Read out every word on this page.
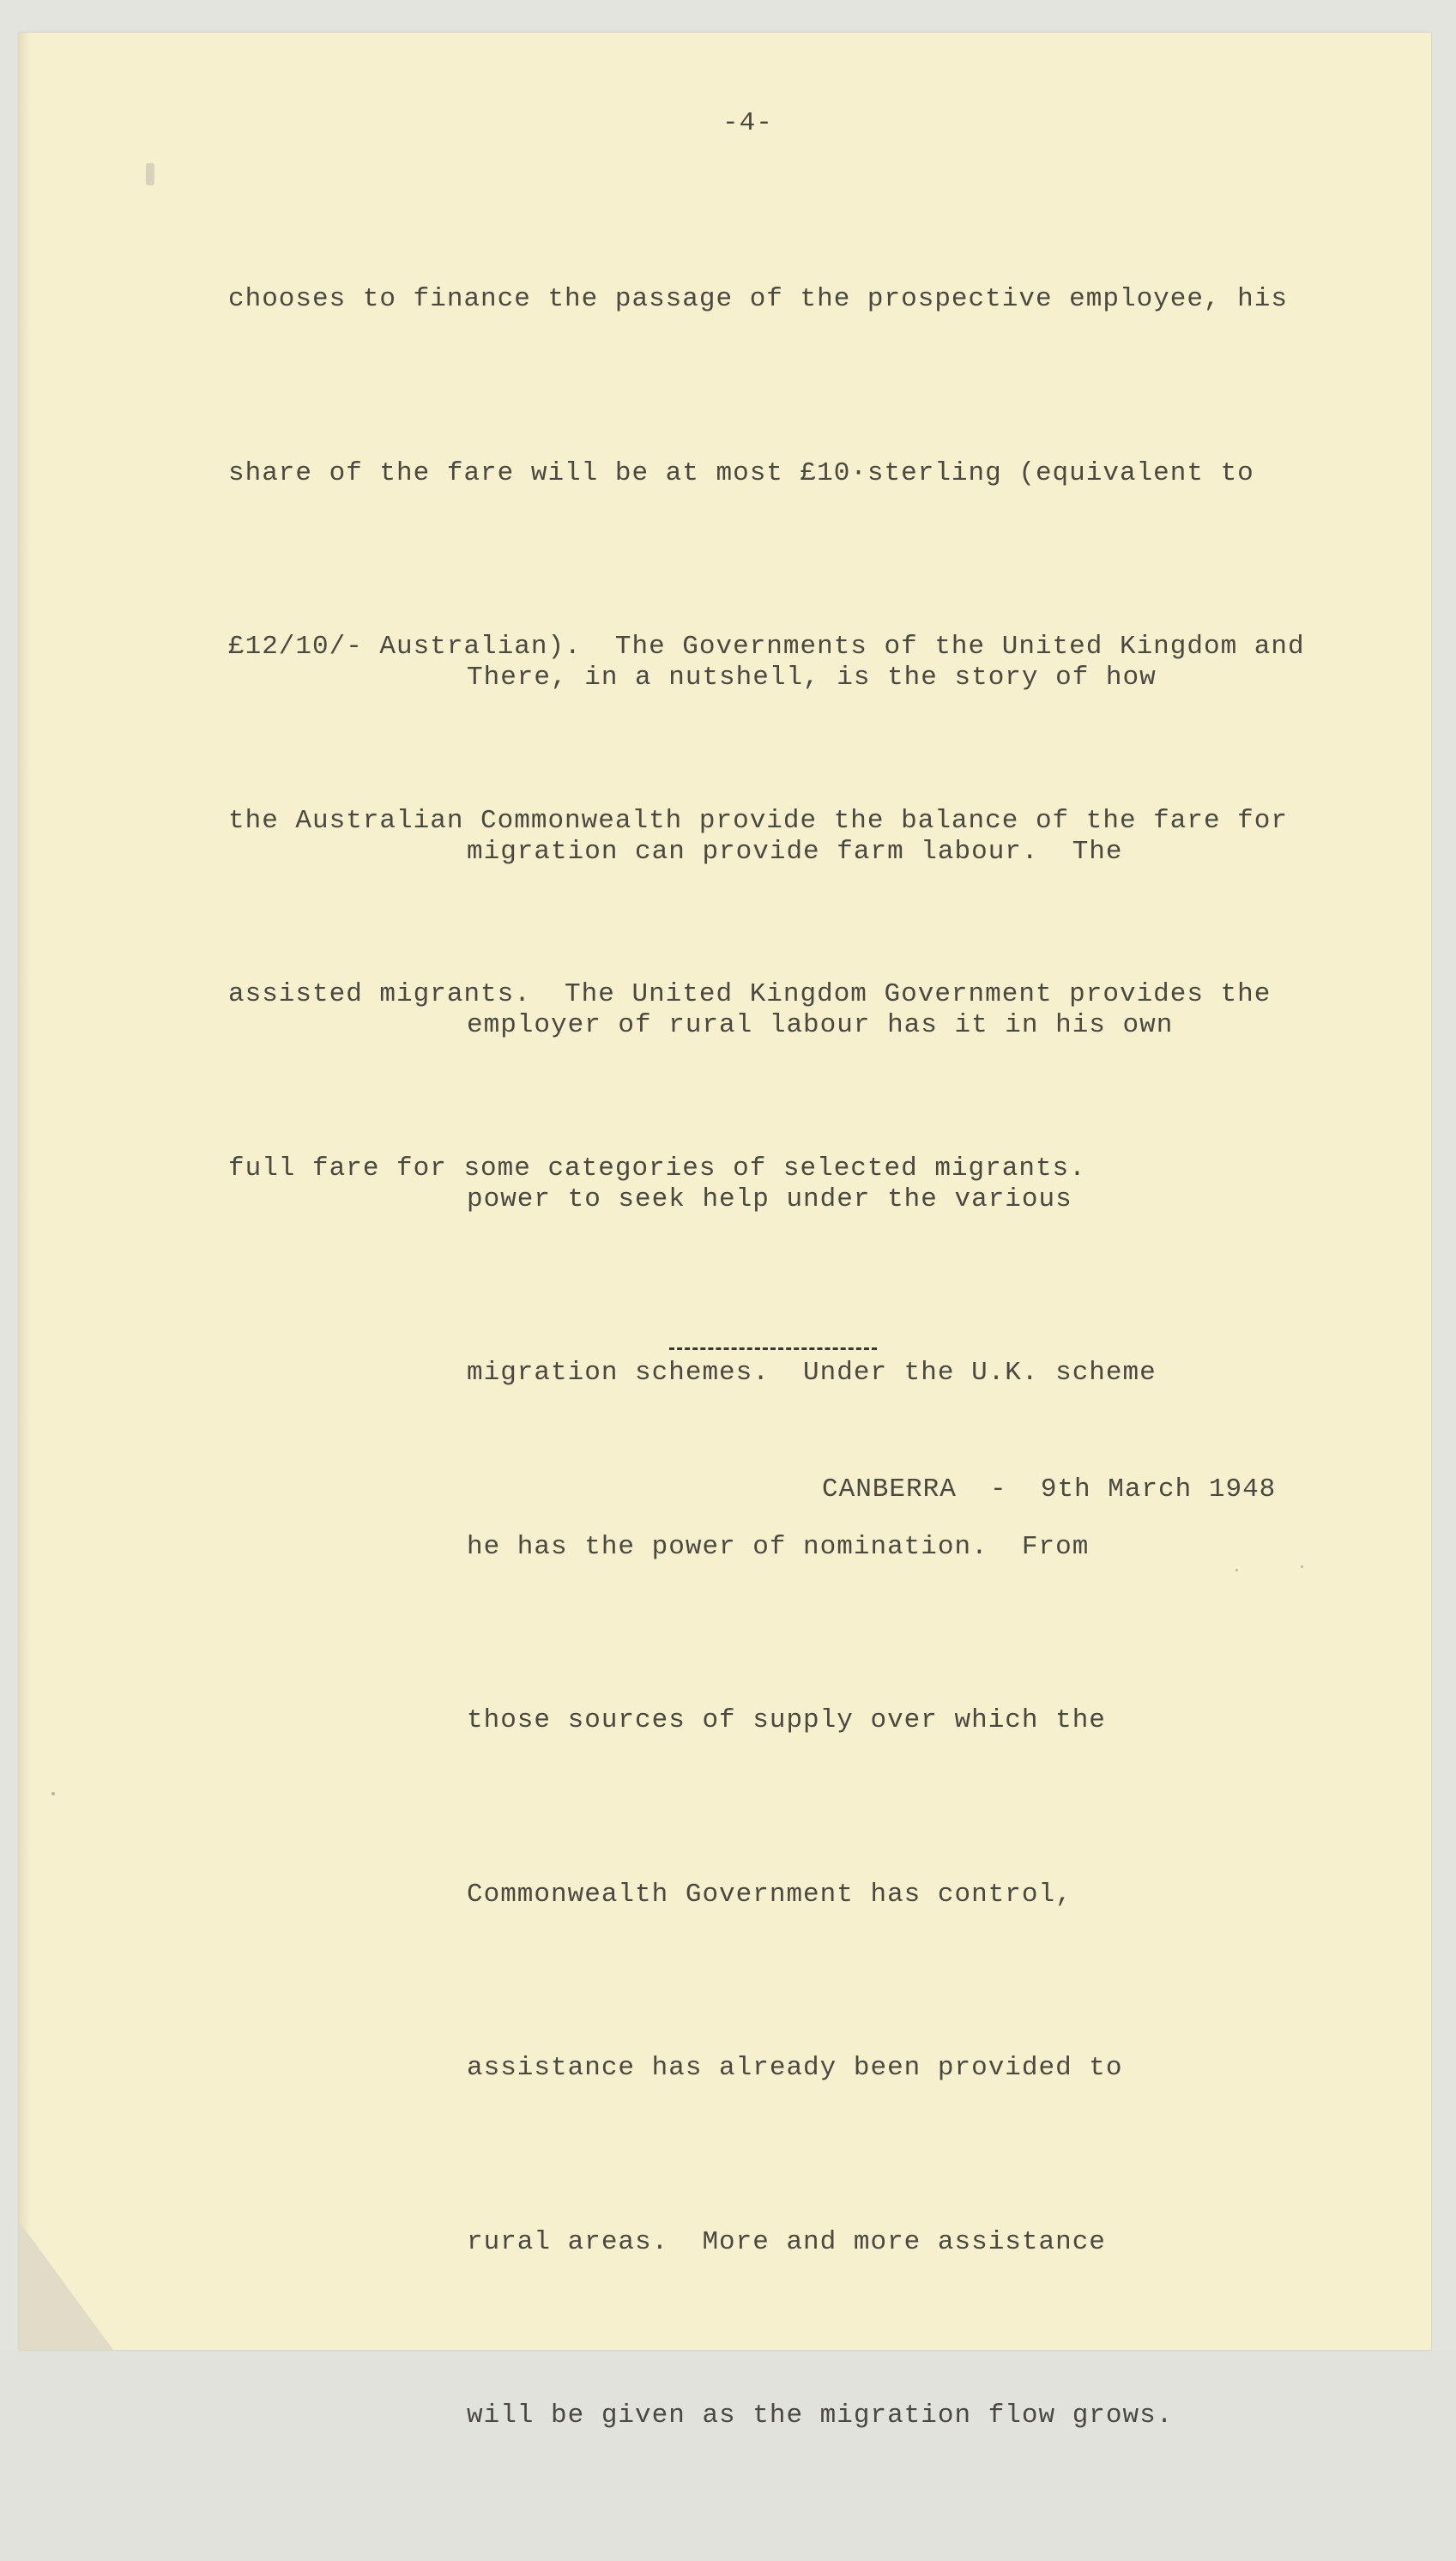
-4-

chooses to finance the passage of the prospective employee, his

share of the fare will be at most £10·sterling (equivalent to

£12/10/- Australian).  The Governments of the United Kingdom and

the Australian Commonwealth provide the balance of the fare for

assisted migrants.  The United Kingdom Government provides the

full fare for some categories of selected migrants.

There, in a nutshell, is the story of how

migration can provide farm labour.  The

employer of rural labour has it in his own

power to seek help under the various

migration schemes.  Under the U.K. scheme

he has the power of nomination.  From

those sources of supply over which the

Commonwealth Government has control,

assistance has already been provided to

rural areas.  More and more assistance

will be given as the migration flow grows.

CANBERRA  -  9th March 1948
